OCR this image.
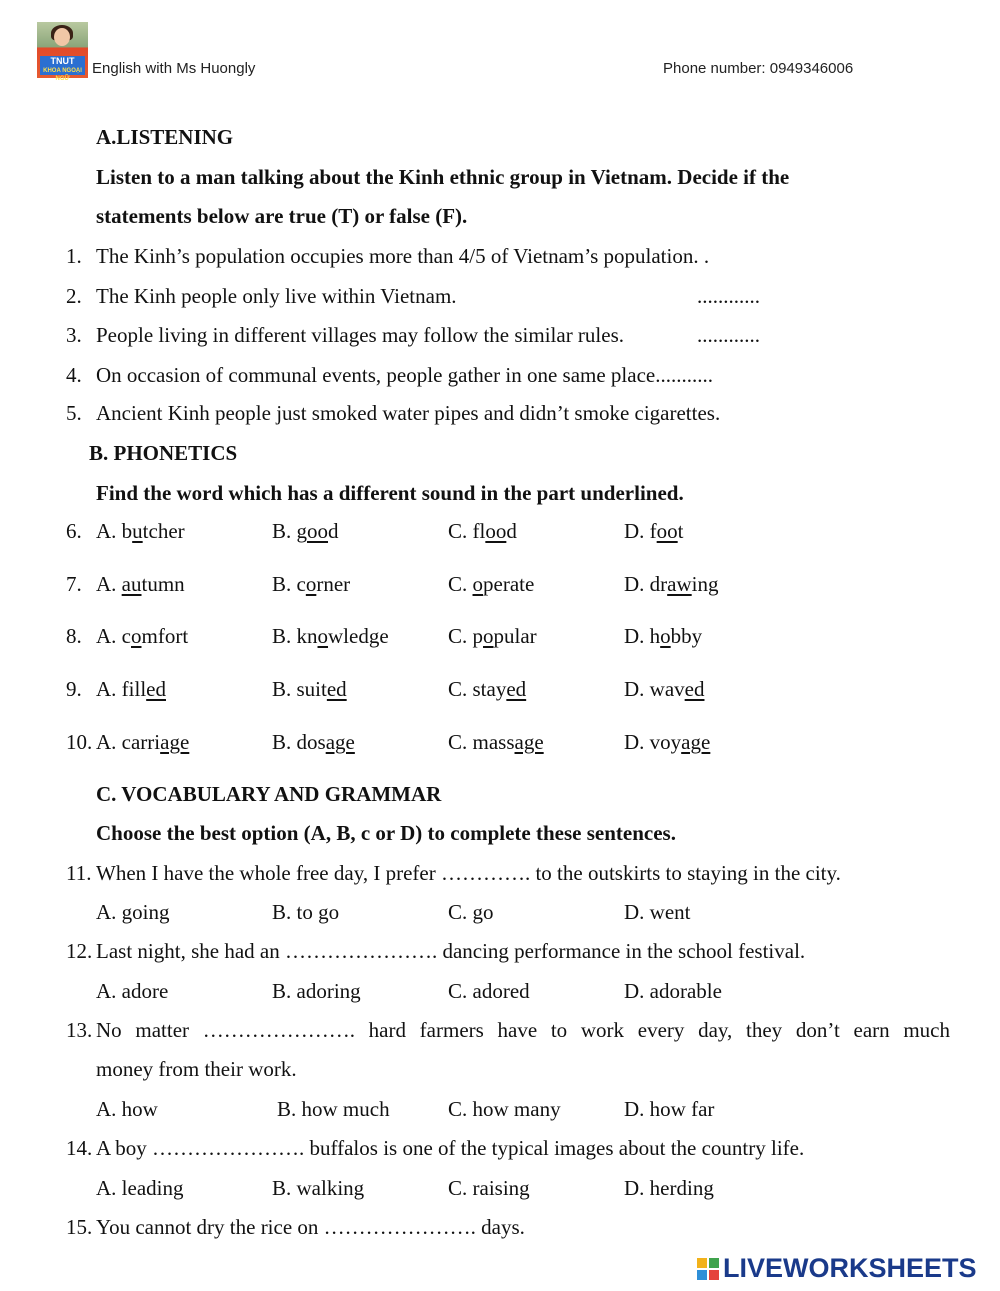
TNUT
KHOA NGOẠI NGỮ
English with Ms Huongly	Phone number: 0949346006
A.LISTENING
Listen to a man talking about the Kinh ethnic group in Vietnam. Decide if the
statements below are true (T) or false (F).
1. The Kinh’s population occupies more than 4/5 of Vietnam’s population. .
2. The Kinh people only live within Vietnam.	............
3. People living in different villages may follow the similar rules.	............
4. On occasion of communal events, people gather in one same place...........
5. Ancient Kinh people just smoked water pipes and didn’t smoke cigarettes.
B. PHONETICS
Find the word which has a different sound in the part underlined.
6. A. butcher	B. good	C. flood	D. foot
7. A. autumn	B. corner	C. operate	D. drawing
8. A. comfort	B. knowledge	C. popular	D. hobby
9. A. filled	B. suited	C. stayed	D. waved
10. A. carriage	B. dosage	C. massage	D. voyage
C. VOCABULARY AND GRAMMAR
Choose the best option (A, B, c or D) to complete these sentences.
11. When I have the whole free day, I prefer …………. to the outskirts to staying in the city.
A. going	B. to go	C. go	D. went
12. Last night, she had an …………………. dancing performance in the school festival.
A. adore	B. adoring	C. adored	D. adorable
13. No matter …………………. hard farmers have to work every day, they don’t earn much
money from their work.
A. how	B. how much	C. how many	D. how far
14. A boy …………………. buffalos is one of the typical images about the country life.
A. leading	B. walking	C. raising	D. herding
15. You cannot dry the rice on …………………. days.
LIVEWORKSHEETS
